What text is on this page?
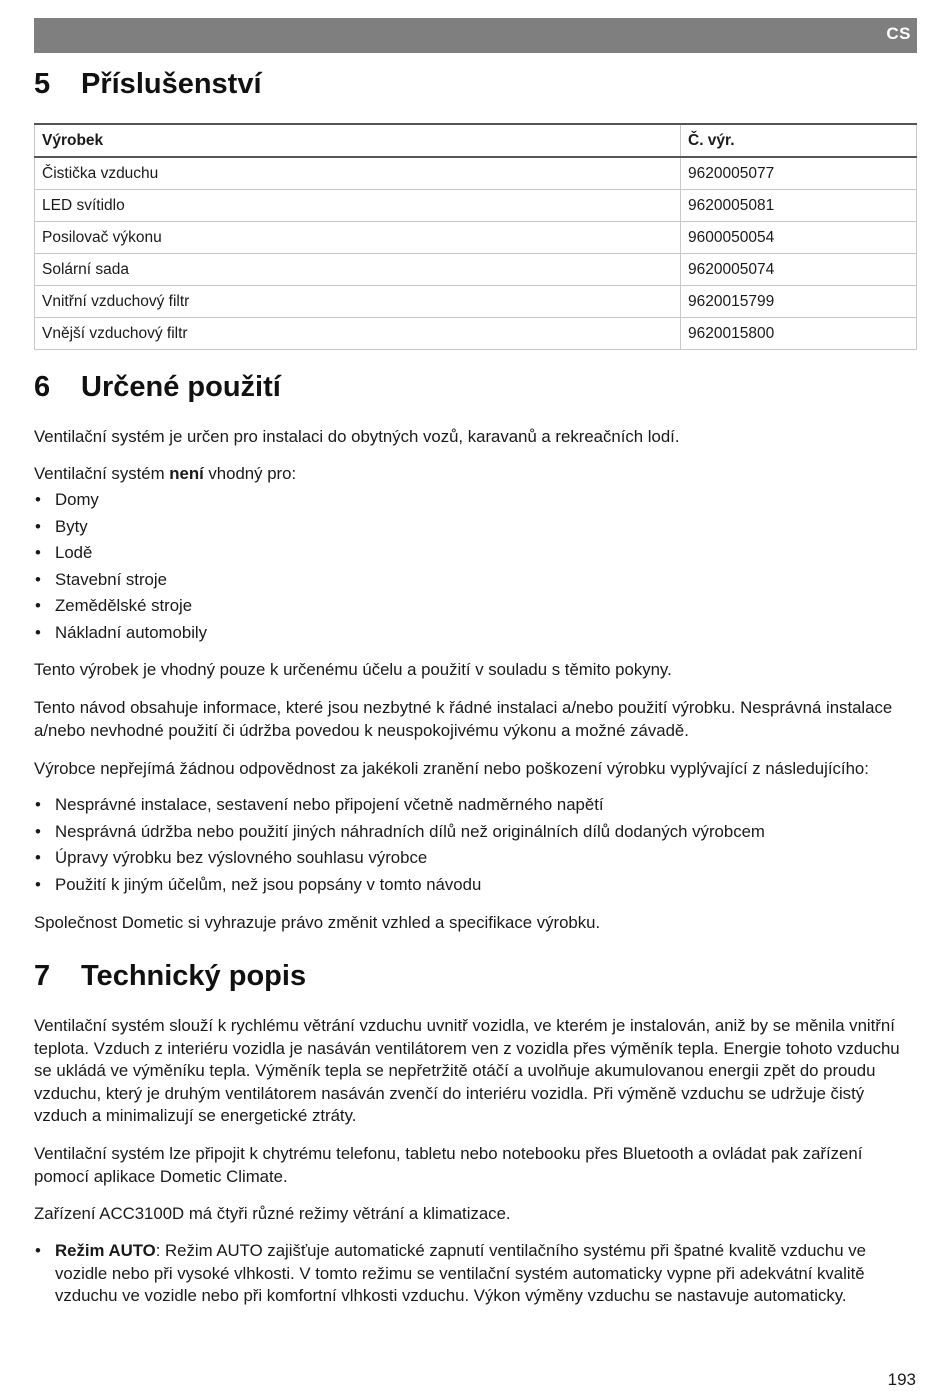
CS
5 Příslušenství
Výrobek	Č. výr.
Čistička vzduchu	9620005077
LED svítidlo	9620005081
Posilovač výkonu	9600050054
Solární sada	9620005074
Vnitřní vzduchový filtr	9620015799
Vnější vzduchový filtr	9620015800
6 Určené použití

Ventilační systém je určen pro instalaci do obytných vozů, karavanů a rekreačních lodí.

Ventilační systém není vhodný pro:

• Domy
• Byty
• Lodě
• Stavební stroje
• Zemědělské stroje
• Nákladní automobily

Tento výrobek je vhodný pouze k určenému účelu a použití v souladu s těmito pokyny.

Tento návod obsahuje informace, které jsou nezbytné k řádné instalaci a/nebo použití výrobku. Nesprávná instalace a/nebo nevhodné použití či údržba povedou k neuspokojivému výkonu a možné závadě.

Výrobce nepřejímá žádnou odpovědnost za jakékoli zranění nebo poškození výrobku vyplývající z následujícího:

• Nesprávné instalace, sestavení nebo připojení včetně nadměrného napětí
• Nesprávná údržba nebo použití jiných náhradních dílů než originálních dílů dodaných výrobcem
• Úpravy výrobku bez výslovného souhlasu výrobce
• Použití k jiným účelům, než jsou popsány v tomto návodu

Společnost Dometic si vyhrazuje právo změnit vzhled a specifikace výrobku.

7 Technický popis

Ventilační systém slouží k rychlému větrání vzduchu uvnitř vozidla, ve kterém je instalován, aniž by se měnila vnitřní teplota. Vzduch z interiéru vozidla je nasáván ventilátorem ven z vozidla přes výměník tepla. Energie tohoto vzduchu se ukládá ve výměníku tepla. Výměník tepla se nepřetržitě otáčí a uvolňuje akumulovanou energii zpět do proudu vzduchu, který je druhým ventilátorem nasáván zvenčí do interiéru vozidla. Při výměně vzduchu se udržuje čistý vzduch a minimalizují se energetické ztráty.

Ventilační systém lze připojit k chytrému telefonu, tabletu nebo notebooku přes Bluetooth a ovládat pak zařízení pomocí aplikace Dometic Climate.

Zařízení ACC3100D má čtyři různé režimy větrání a klimatizace.

• Režim AUTO: Režim AUTO zajišťuje automatické zapnutí ventilačního systému při špatné kvalitě vzduchu ve vozidle nebo při vysoké vlhkosti. V tomto režimu se ventilační systém automaticky vypne při adekvátní kvalitě vzduchu ve vozidle nebo při komfortní vlhkosti vzduchu. Výkon výměny vzduchu se nastavuje automaticky.
193
